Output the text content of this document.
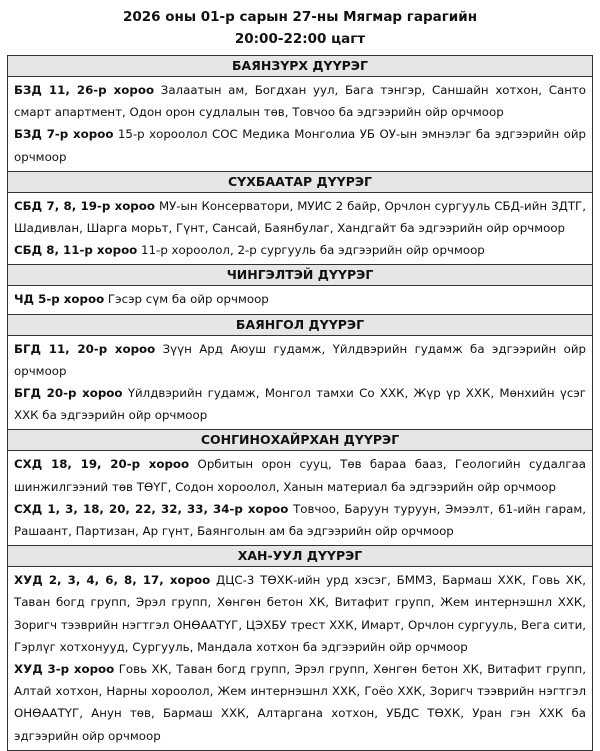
2026 оны 01-р сарын 27-ны Мягмар гарагийн
20:00-22:00 цагт
БАЯНЗҮРХ ДҮҮРЭГ
БЗД 11, 26-р хороо Залаатын ам, Богдхан уул, Бага тэнгэр, Саншайн хотхон, Санто смарт апартмент, Одон орон судлалын төв, Товчоо ба эдгээрийн ойр орчмоор
БЗД 7-р хороо 15-р хороолол СОС Медика Монголиа УБ ОУ-ын эмнэлэг ба эдгээрийн ойр орчмоор
СҮХБААТАР ДҮҮРЭГ
СБД 7, 8, 19-р хороо МУ-ын Консерватори, МУИС 2 байр, Орчлон сургууль СБД-ийн ЗДТГ, Шадивлан, Шарга морьт, Гүнт, Сансай, Баянбулаг, Хандгайт ба эдгээрийн ойр орчмоор
СБД 8, 11-р хороо 11-р хороолол, 2-р сургууль ба эдгээрийн ойр орчмоор
ЧИНГЭЛТЭЙ ДҮҮРЭГ
ЧД 5-р хороо Гэсэр сүм ба ойр орчмоор
БАЯНГОЛ ДҮҮРЭГ
БГД 11, 20-р хороо Зүүн Ард Аюуш гудамж, Үйлдвэрийн гудамж ба эдгээрийн ойр орчмоор
БГД 20-р хороо Үйлдвэрийн гудамж, Монгол тамхи Со ХХК, Жүр үр ХХК, Мөнхийн үсэг ХХК ба эдгээрийн ойр орчмоор
СОНГИНОХАЙРХАН ДҮҮРЭГ
СХД 18, 19, 20-р хороо Орбитын орон сууц, Төв бараа бааз, Геологийн судалгаа шинжилгээний төв ТӨҮГ, Содон хороолол, Ханын материал ба эдгээрийн ойр орчмоор
СХД 1, 3, 18, 20, 22, 32, 33, 34-р хороо Товчоо, Баруун туруун, Эмээлт, 61-ийн гарам, Рашаант, Партизан, Ар гүнт, Баянголын ам ба эдгээрийн ойр орчмоор
ХАН-УУЛ ДҮҮРЭГ
ХУД 2, 3, 4, 6, 8, 17, хороо ДЦС-3 ТӨХК-ийн урд хэсэг, БММЗ, Бармаш ХХК, Говь ХК, Таван богд групп, Эрэл групп, Хөнгөн бетон ХК, Витафит групп, Жем интернэшнл ХХК, Зоригч тээврийн нэгтгэл ОНӨААТҮГ, ЦЭХБУ трест ХХК, Имарт, Орчлон сургууль, Вега сити, Гэрлүг хотхонууд, Сургууль, Мандала хотхон ба эдгээрийн ойр орчмоор
ХУД 3-р хороо Говь ХК, Таван богд групп, Эрэл групп, Хөнгөн бетон ХК, Витафит групп, Алтай хотхон, Нарны хороолол, Жем интернэшнл ХХК, Гоёо ХХК, Зоригч тээврийн нэгтгэл ОНӨААТҮГ, Анун төв, Бармаш ХХК, Алтаргана хотхон, УБДС ТӨХК, Уран гэн ХХК ба эдгээрийн ойр орчмоор
